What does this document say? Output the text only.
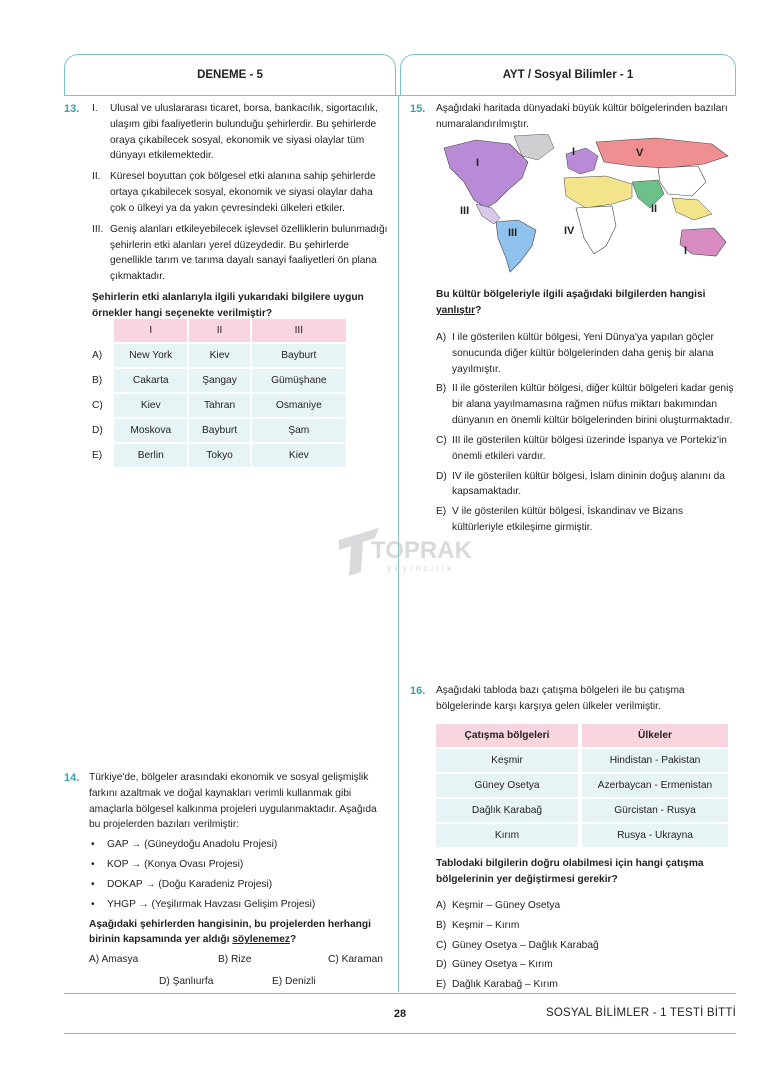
DENEME - 5	AYT / Sosyal Bilimler - 1
13. I. Ulusal ve uluslararası ticaret, borsa, bankacılık, sigortacılık, ulaşım gibi faaliyetlerin bulunduğu şehirlerdir. Bu şehirlerde oraya çıkabilecek sosyal, ekonomik ve siyasi olaylar tüm dünyayı etkilemektedir.
II. Küresel boyuttan çok bölgesel etki alanına sahip şehirlerde ortaya çıkabilecek sosyal, ekonomik ve siyasi olaylar daha çok o ülkeyi ya da yakın çevresindeki ülkeleri etkiler.
III. Geniş alanları etkileyebilecek işlevsel özelliklerin bulunmadığı şehirlerin etki alanları yerel düzeydedir. Bu şehirlerde genellikle tarım ve tarıma dayalı sanayi faaliyetleri ön plana çıkmaktadır.
Şehirlerin etki alanlarıyla ilgili yukarıdaki bilgilere uygun örnekler hangi seçenekte verilmiştir?
	I	II	III
A)	New York	Kiev	Bayburt
B)	Cakarta	Şangay	Gümüşhane
C)	Kiev	Tahran	Osmaniye
D)	Moskova	Bayburt	Şam
E)	Berlin	Tokyo	Kiev
TOPRAK
yayıncılık
14. Türkiye'de, bölgeler arasındaki ekonomik ve sosyal gelişmişlik farkını azaltmak ve doğal kaynakları verimli kullanmak gibi amaçlarla bölgesel kalkınma projeleri uygulanmaktadır. Aşağıda bu projelerden bazıları verilmiştir:
• GAP → (Güneydoğu Anadolu Projesi)
• KOP → (Konya Ovası Projesi)
• DOKAP → (Doğu Karadeniz Projesi)
• YHGP → (Yeşilırmak Havzası Gelişim Projesi)
Aşağıdaki şehirlerden hangisinin, bu projelerden herhangi birinin kapsamında yer aldığı söylenemez?
A) Amasya	B) Rize	C) Karaman
D) Şanlıurfa	E) Denizli
15. Aşağıdaki haritada dünyadaki büyük kültür bölgelerinden bazıları numaralandırılmıştır.
I
I	V
II
III
III	IV
I
Bu kültür bölgeleriyle ilgili aşağıdaki bilgilerden hangisi yanlıştır?
A) I ile gösterilen kültür bölgesi, Yeni Dünya'ya yapılan göçler sonucunda diğer kültür bölgelerinden daha geniş bir alana yayılmıştır.
B) II ile gösterilen kültür bölgesi, diğer kültür bölgeleri kadar geniş bir alana yayılmamasına rağmen nüfus miktarı bakımından dünyanın en önemli kültür bölgelerinden birini oluşturmaktadır.
C) III ile gösterilen kültür bölgesi üzerinde İspanya ve Portekiz'in önemli etkileri vardır.
D) IV ile gösterilen kültür bölgesi, İslam dininin doğuş alanını da kapsamaktadır.
E) V ile gösterilen kültür bölgesi, İskandinav ve Bizans kültürleriyle etkileşime girmiştir.
16. Aşağıdaki tabloda bazı çatışma bölgeleri ile bu çatışma bölgelerinde karşı karşıya gelen ülkeler verilmiştir.
Çatışma bölgeleri	Ülkeler
Keşmir	Hindistan - Pakistan
Güney Osetya	Azerbaycan - Ermenistan
Dağlık Karabağ	Gürcistan - Rusya
Kırım	Rusya - Ukrayna
Tablodaki bilgilerin doğru olabilmesi için hangi çatışma bölgelerinin yer değiştirmesi gerekir?
A) Keşmir – Güney Osetya
B) Keşmir – Kırım
C) Güney Osetya – Dağlık Karabağ
D) Güney Osetya – Kırım
E) Dağlık Karabağ – Kırım
28	SOSYAL BİLİMLER - 1 TESTİ BİTTİ
